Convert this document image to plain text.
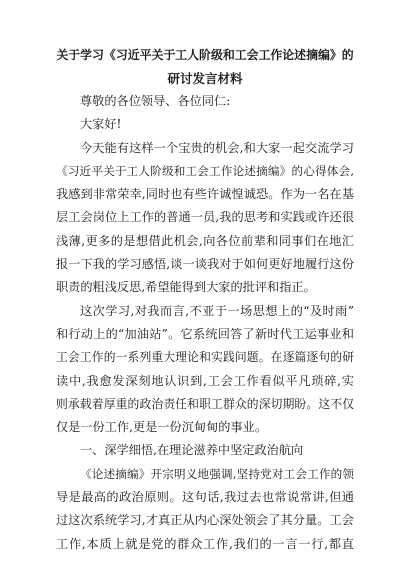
关于学习《习近平关于工人阶级和工会工作论述摘编》的

研讨发言材料

尊敬的各位领导、各位同仁:

大家好!

今天能有这样一个宝贵的机会,和大家一起交流学习

《习近平关于工人阶级和工会工作论述摘编》的心得体会,

我感到非常荣幸,同时也有些许诚惶诚恐。作为一名在基

层工会岗位上工作的普通一员,我的思考和实践或许还很

浅薄,更多的是想借此机会,向各位前辈和同事们在地汇

报一下我的学习感悟,谈一谈我对于如何更好地履行这份

职责的粗浅反思,希望能得到大家的批评和指正。

这次学习,对我而言,不亚于一场思想上的“及时雨”

和行动上的“加油站”。它系统回答了新时代工运事业和

工会工作的一系列重大理论和实践问题。在逐篇逐句的研

读中,我愈发深刻地认识到,工会工作看似平凡琐碎,实

则承载着厚重的政治责任和职工群众的深切期盼。这不仅

仅是一份工作,更是一份沉甸甸的事业。

一、深学细悟,在理论滋养中坚定政治航向

《论述摘编》开宗明义地强调,坚持党对工会工作的领

导是最高的政治原则。这句话,我过去也常说常讲,但通

过这次系统学习,才真正从内心深处领会了其分量。工会

工作,本质上就是党的群众工作,我们的一言一行,都直
